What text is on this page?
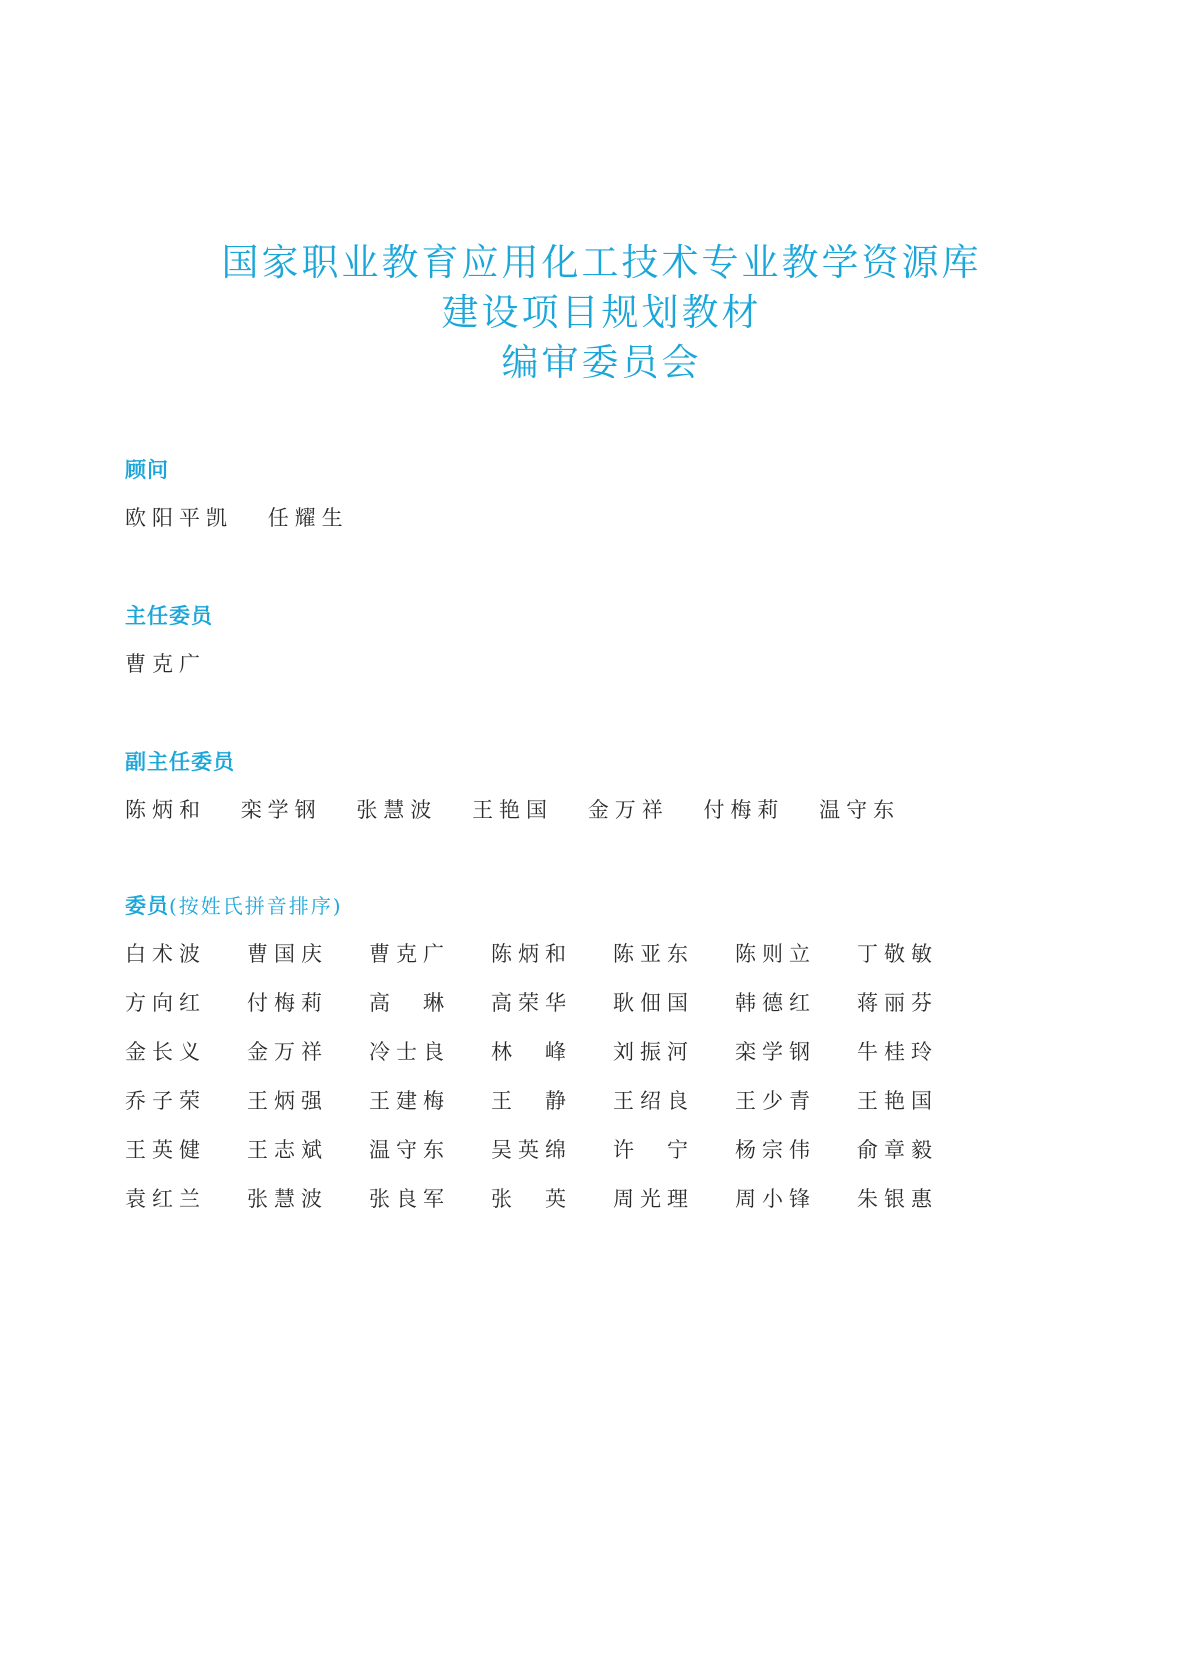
国家职业教育应用化工技术专业教学资源库
建设项目规划教材
编审委员会
顾问
欧阳平凯 任耀生
主任委员
曹克广
副主任委员
陈炳和 栾学钢 张慧波 王艳国 金万祥 付梅莉 温守东
委员(按姓氏拼音排序)
白术波 曹国庆 曹克广 陈炳和 陈亚东 陈则立 丁敬敏
方向红 付梅莉 高　琳 高荣华 耿佃国 韩德红 蒋丽芬
金长义 金万祥 冷士良 林　峰 刘振河 栾学钢 牛桂玲
乔子荣 王炳强 王建梅 王　静 王绍良 王少青 王艳国
王英健 王志斌 温守东 吴英绵 许　宁 杨宗伟 俞章毅
袁红兰 张慧波 张良军 张　英 周光理 周小锋 朱银惠
